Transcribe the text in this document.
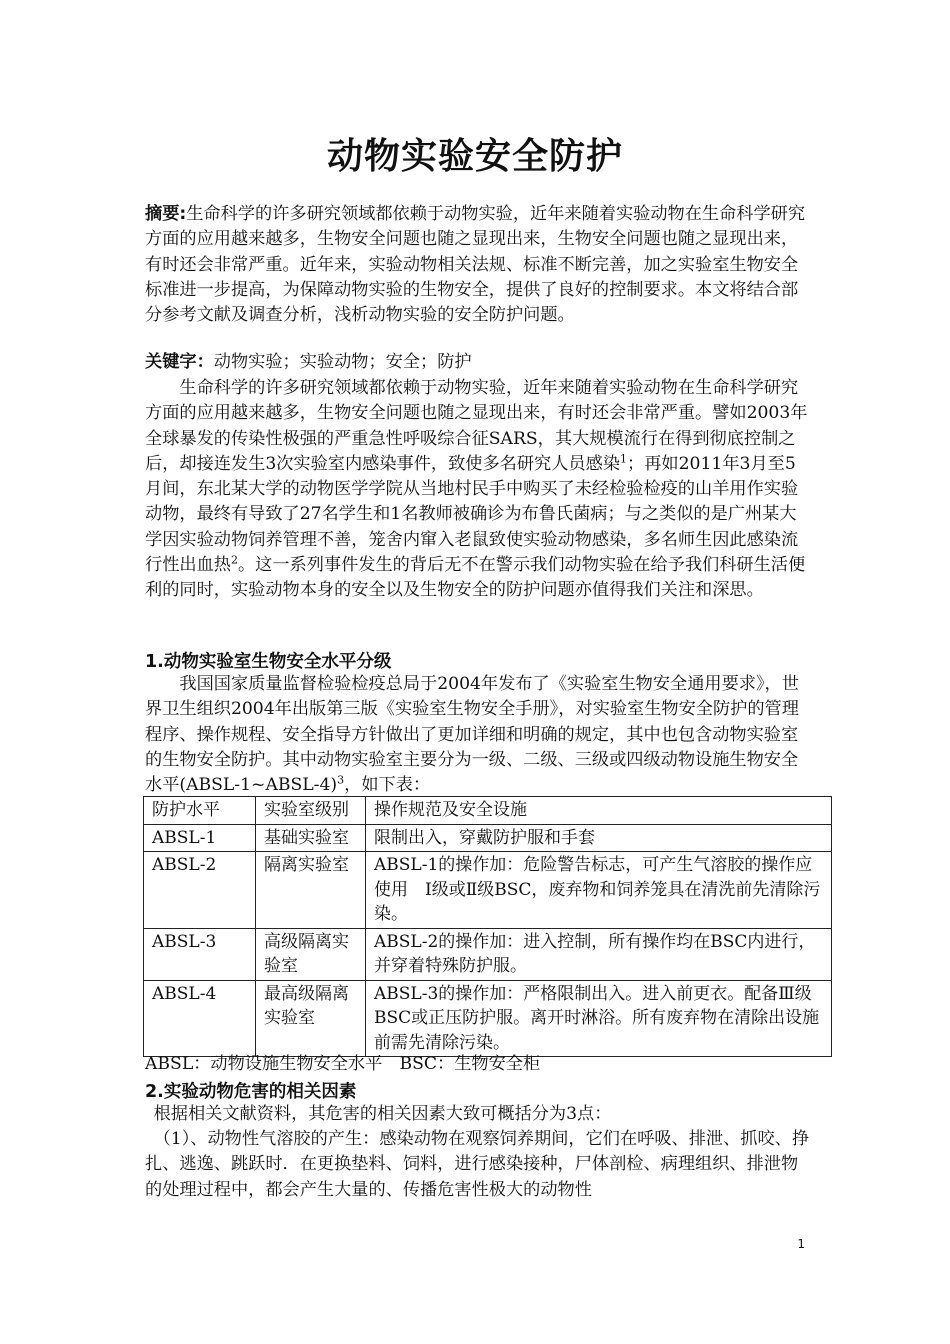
动物实验安全防护
摘要:生命科学的许多研究领域都依赖于动物实验，近年来随着实验动物在生命科学研究方面的应用越来越多，生物安全问题也随之显现出来，生物安全问题也随之显现出来，有时还会非常严重。近年来，实验动物相关法规、标准不断完善，加之实验室生物安全标准进一步提高，为保障动物实验的生物安全，提供了良好的控制要求。本文将结合部分参考文献及调查分析，浅析动物实验的安全防护问题。
关键字：动物实验；实验动物；安全；防护
生命科学的许多研究领域都依赖于动物实验，近年来随着实验动物在生命科学研究方面的应用越来越多，生物安全问题也随之显现出来，有时还会非常严重。譬如2003年全球暴发的传染性极强的严重急性呼吸综合征SARS，其大规模流行在得到彻底控制之后，却接连发生3次实验室内感染事件，致使多名研究人员感染$^1$；再如2011年3月至5月间，东北某大学的动物医学学院从当地村民手中购买了未经检验检疫的山羊用作实验动物，最终有导致了27名学生和1名教师被确诊为布鲁氏菌病；与之类似的是广州某大学因实验动物饲养管理不善，笼舍内窜入老鼠致使实验动物感染，多名师生因此感染流行性出血热$^2$。这一系列事件发生的背后无不在警示我们动物实验在给予我们科研生活便利的同时，实验动物本身的安全以及生物安全的防护问题亦值得我们关注和深思。
1.动物实验室生物安全水平分级
我国国家质量监督检验检疫总局于2004年发布了《实验室生物安全通用要求》，世界卫生组织2004年出版第三版《实验室生物安全手册》，对实验室生物安全防护的管理程序、操作规程、安全指导方针做出了更加详细和明确的规定，其中也包含动物实验室的生物安全防护。其中动物实验室主要分为一级、二级、三级或四级动物设施生物安全水平(ABSL-1~ABSL-4)$^3$，如下表：
防护水平	实验室级别	操作规范及安全设施
ABSL-1	基础实验室	限制出入，穿戴防护服和手套
ABSL-2	隔离实验室	ABSL-1的操作加：危险警告标志，可产生气溶胶的操作应使用　Ⅰ级或Ⅱ级BSC，废弃物和饲养笼具在清洗前先清除污染。
ABSL-3	高级隔离实验室	ABSL-2的操作加：进入控制，所有操作均在BSC内进行，并穿着特殊防护服。
ABSL-4	最高级隔离实验室	ABSL-3的操作加：严格限制出入。进入前更衣。配备Ⅲ级BSC或正压防护服。离开时淋浴。所有废弃物在清除出设施前需先清除污染。
ABSL：动物设施生物安全水平　BSC：生物安全柜
2.实验动物危害的相关因素
根据相关文献资料，其危害的相关因素大致可概括分为3点：
（1）、动物性气溶胶的产生：感染动物在观察饲养期间，它们在呼吸、排泄、抓咬、挣扎、逃逸、跳跃时．在更换垫料、饲料，进行感染接种，尸体剖检、病理组织、排泄物的处理过程中，都会产生大量的、传播危害性极大的动物性
1
